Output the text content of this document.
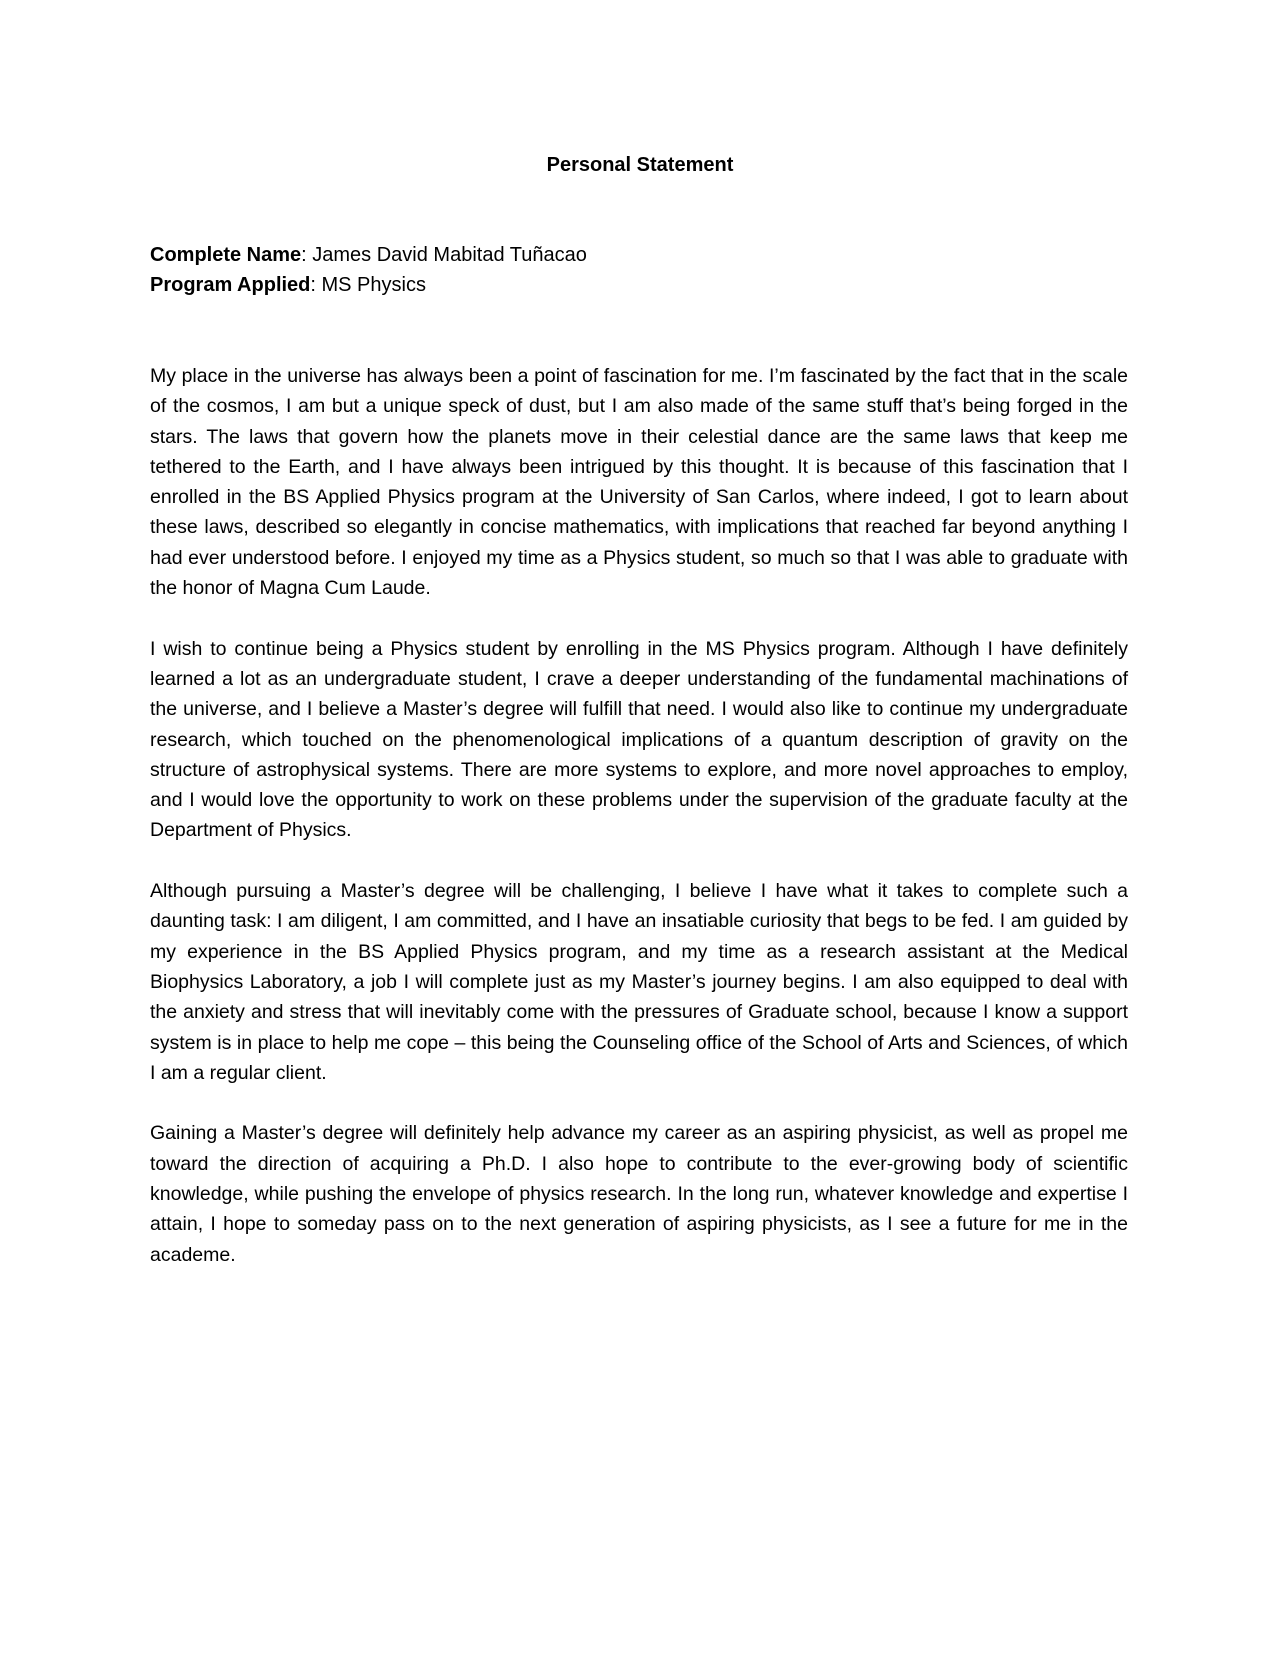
Personal Statement

Complete Name: James David Mabitad Tuñacao

Program Applied: MS Physics

My place in the universe has always been a point of fascination for me. I’m fascinated by the fact that in the scale of the cosmos, I am but a unique speck of dust, but I am also made of the same stuff that’s being forged in the stars. The laws that govern how the planets move in their celestial dance are the same laws that keep me tethered to the Earth, and I have always been intrigued by this thought. It is because of this fascination that I enrolled in the BS Applied Physics program at the University of San Carlos, where indeed, I got to learn about these laws, described so elegantly in concise mathematics, with implications that reached far beyond anything I had ever understood before. I enjoyed my time as a Physics student, so much so that I was able to graduate with the honor of Magna Cum Laude.

I wish to continue being a Physics student by enrolling in the MS Physics program. Although I have definitely learned a lot as an undergraduate student, I crave a deeper understanding of the fundamental machinations of the universe, and I believe a Master’s degree will fulfill that need. I would also like to continue my undergraduate research, which touched on the phenomenological implications of a quantum description of gravity on the structure of astrophysical systems. There are more systems to explore, and more novel approaches to employ, and I would love the opportunity to work on these problems under the supervision of the graduate faculty at the Department of Physics.

Although pursuing a Master’s degree will be challenging, I believe I have what it takes to complete such a daunting task: I am diligent, I am committed, and I have an insatiable curiosity that begs to be fed. I am guided by my experience in the BS Applied Physics program, and my time as a research assistant at the Medical Biophysics Laboratory, a job I will complete just as my Master’s journey begins. I am also equipped to deal with the anxiety and stress that will inevitably come with the pressures of Graduate school, because I know a support system is in place to help me cope – this being the Counseling office of the School of Arts and Sciences, of which I am a regular client.

Gaining a Master’s degree will definitely help advance my career as an aspiring physicist, as well as propel me toward the direction of acquiring a Ph.D. I also hope to contribute to the ever-growing body of scientific knowledge, while pushing the envelope of physics research. In the long run, whatever knowledge and expertise I attain, I hope to someday pass on to the next generation of aspiring physicists, as I see a future for me in the academe.
